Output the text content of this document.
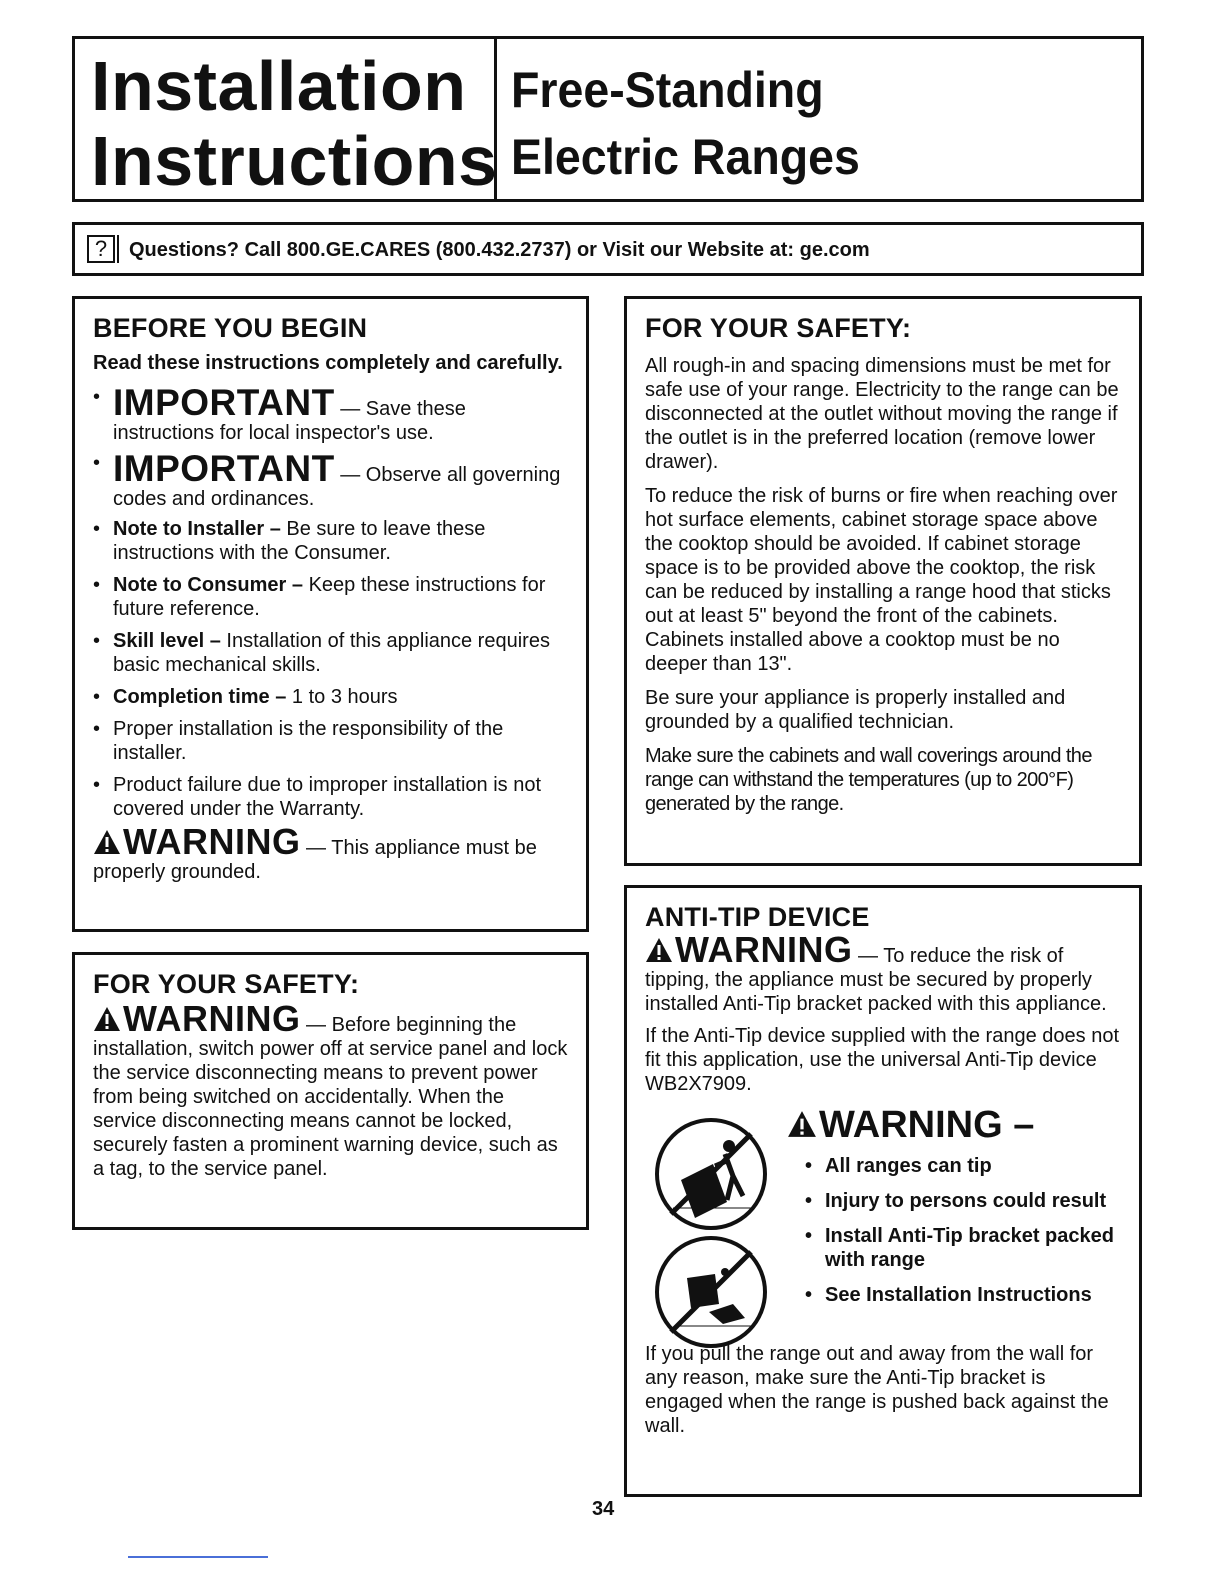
Installation
Instructions
Free-Standing
Electric Ranges
?	Questions? Call 800.GE.CARES (800.432.2737) or Visit our Website at: ge.com
BEFORE YOU BEGIN

Read these instructions completely and carefully.

• IMPORTANT — Save these instructions for local inspector's use.
• IMPORTANT — Observe all governing codes and ordinances.
• Note to Installer – Be sure to leave these instructions with the Consumer.
• Note to Consumer – Keep these instructions for future reference.
• Skill level – Installation of this appliance requires basic mechanical skills.
• Completion time – 1 to 3 hours
• Proper installation is the responsibility of the installer.
• Product failure due to improper installation is not covered under the Warranty.

WARNING — This appliance must be properly grounded.

FOR YOUR SAFETY:

WARNING — Before beginning the installation, switch power off at service panel and lock the service disconnecting means to prevent power from being switched on accidentally. When the service disconnecting means cannot be locked, securely fasten a prominent warning device, such as a tag, to the service panel.

FOR YOUR SAFETY:

All rough-in and spacing dimensions must be met for safe use of your range. Electricity to the range can be disconnected at the outlet without moving the range if the outlet is in the preferred location (remove lower drawer).

To reduce the risk of burns or fire when reaching over hot surface elements, cabinet storage space above the cooktop should be avoided. If cabinet storage space is to be provided above the cooktop, the risk can be reduced by installing a range hood that sticks out at least 5" beyond the front of the cabinets. Cabinets installed above a cooktop must be no deeper than 13".

Be sure your appliance is properly installed and grounded by a qualified technician.

Make sure the cabinets and wall coverings around the range can withstand the temperatures (up to 200°F) generated by the range.

ANTI-TIP DEVICE

WARNING — To reduce the risk of tipping, the appliance must be secured by properly installed Anti-Tip bracket packed with this appliance.

If the Anti-Tip device supplied with the range does not fit this application, use the universal Anti-Tip device WB2X7909.

WARNING –
• All ranges can tip
• Injury to persons could result
• Install Anti-Tip bracket packed with range
• See Installation Instructions

If you pull the range out and away from the wall for any reason, make sure the Anti-Tip bracket is engaged when the range is pushed back against the wall.

34
